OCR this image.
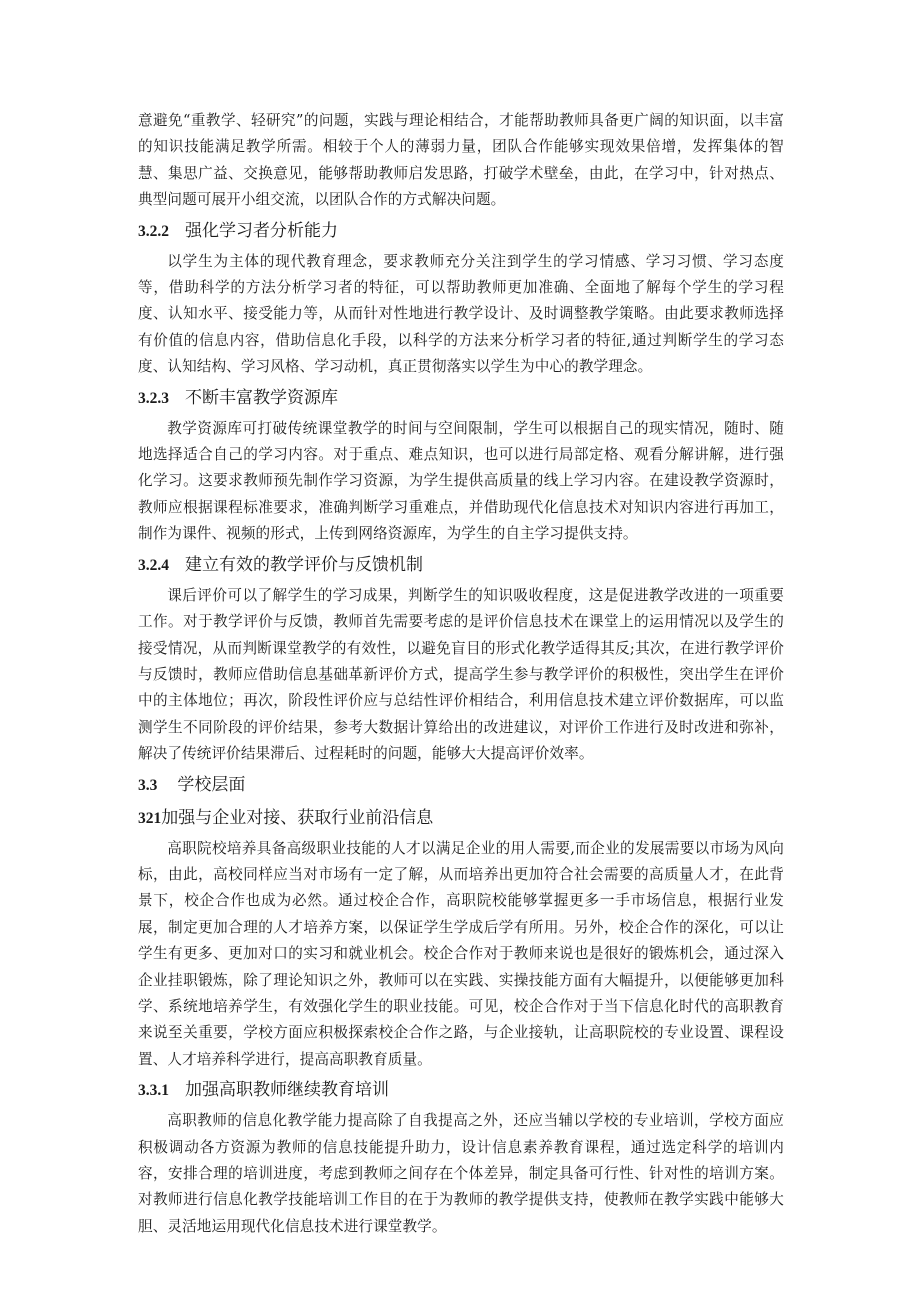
意避免“重教学、轻研究”的问题，实践与理论相结合，才能帮助教师具备更广阔的知识面，以丰富的知识技能满足教学所需。相较于个人的薄弱力量，团队合作能够实现效果倍增，发挥集体的智慧、集思广益、交换意见，能够帮助教师启发思路，打破学术壁垒，由此，在学习中，针对热点、典型问题可展开小组交流，以团队合作的方式解决问题。

3.2.2 强化学习者分析能力

以学生为主体的现代教育理念，要求教师充分关注到学生的学习情感、学习习惯、学习态度等，借助科学的方法分析学习者的特征，可以帮助教师更加准确、全面地了解每个学生的学习程度、认知水平、接受能力等，从而针对性地进行教学设计、及时调整教学策略。由此要求教师选择有价值的信息内容，借助信息化手段，以科学的方法来分析学习者的特征,通过判断学生的学习态度、认知结构、学习风格、学习动机，真正贯彻落实以学生为中心的教学理念。

3.2.3 不断丰富教学资源库

教学资源库可打破传统课堂教学的时间与空间限制，学生可以根据自己的现实情况，随时、随地选择适合自己的学习内容。对于重点、难点知识，也可以进行局部定格、观看分解讲解，进行强化学习。这要求教师预先制作学习资源，为学生提供高质量的线上学习内容。在建设教学资源时，教师应根据课程标准要求，准确判断学习重难点，并借助现代化信息技术对知识内容进行再加工，制作为课件、视频的形式，上传到网络资源库，为学生的自主学习提供支持。

3.2.4 建立有效的教学评价与反馈机制

课后评价可以了解学生的学习成果，判断学生的知识吸收程度，这是促进教学改进的一项重要工作。对于教学评价与反馈，教师首先需要考虑的是评价信息技术在课堂上的运用情况以及学生的接受情况，从而判断课堂教学的有效性，以避免盲目的形式化教学适得其反;其次，在进行教学评价与反馈时，教师应借助信息基础革新评价方式，提高学生参与教学评价的积极性，突出学生在评价中的主体地位；再次，阶段性评价应与总结性评价相结合，利用信息技术建立评价数据库，可以监测学生不同阶段的评价结果，参考大数据计算给出的改进建议，对评价工作进行及时改进和弥补，解决了传统评价结果滞后、过程耗时的问题，能够大大提高评价效率。

3.3 学校层面
321 加强与企业对接、获取行业前沿信息

高职院校培养具备高级职业技能的人才以满足企业的用人需要,而企业的发展需要以市场为风向标，由此，高校同样应当对市场有一定了解，从而培养出更加符合社会需要的高质量人才，在此背景下，校企合作也成为必然。通过校企合作，高职院校能够掌握更多一手市场信息，根据行业发展，制定更加合理的人才培养方案，以保证学生学成后学有所用。另外，校企合作的深化，可以让学生有更多、更加对口的实习和就业机会。校企合作对于教师来说也是很好的锻炼机会，通过深入企业挂职锻炼，除了理论知识之外，教师可以在实践、实操技能方面有大幅提升，以便能够更加科学、系统地培养学生，有效强化学生的职业技能。可见，校企合作对于当下信息化时代的高职教育来说至关重要，学校方面应积极探索校企合作之路，与企业接轨，让高职院校的专业设置、课程设置、人才培养科学进行，提高高职教育质量。

3.3.1 加强高职教师继续教育培训

高职教师的信息化教学能力提高除了自我提高之外，还应当辅以学校的专业培训，学校方面应积极调动各方资源为教师的信息技能提升助力，设计信息素养教育课程，通过选定科学的培训内容，安排合理的培训进度，考虑到教师之间存在个体差异，制定具备可行性、针对性的培训方案。对教师进行信息化教学技能培训工作目的在于为教师的教学提供支持，使教师在教学实践中能够大胆、灵活地运用现代化信息技术进行课堂教学。
